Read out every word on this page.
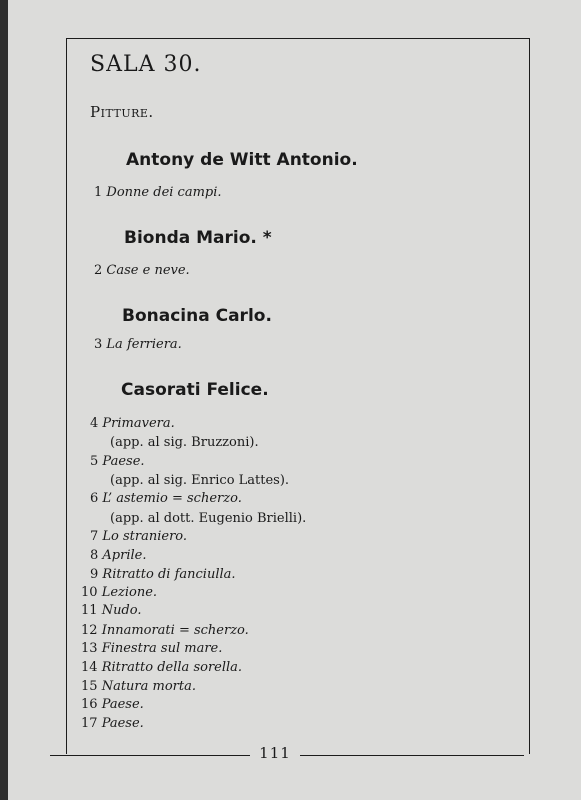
SALA 30.
Pitture.
Antony de Witt Antonio.
1 Donne dei campi.
Bionda Mario. *
2 Case e neve.
Bonacina Carlo.
3 La ferriera.
Casorati Felice.
4 Primavera.
(app. al sig. Bruzzoni).
5 Paese.
(app. al sig. Enrico Lattes).
6 L’ astemio = scherzo.
(app. al dott. Eugenio Brielli).
7 Lo straniero.
8 Aprile.
9 Ritratto di fanciulla.
10 Lezione.
11 Nudo.
12 Innamorati = scherzo.
13 Finestra sul mare.
14 Ritratto della sorella.
15 Natura morta.
16 Paese.
17 Paese.
111
